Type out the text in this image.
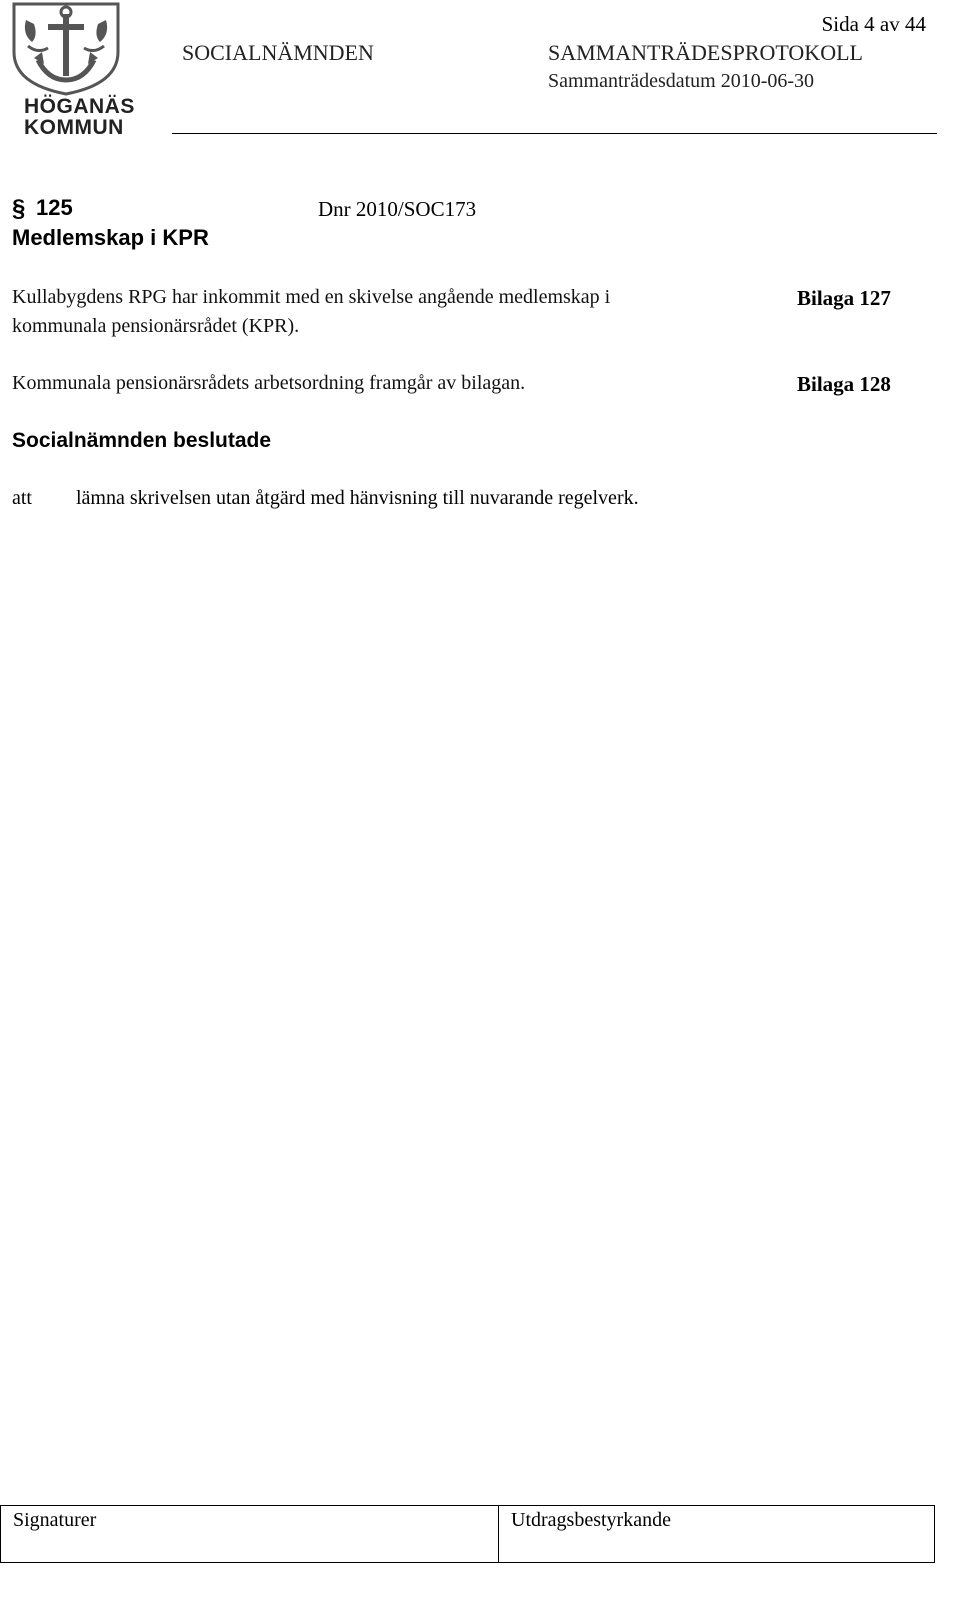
HÖGANÄS
KOMMUN
Sida 4 av 44
SOCIALNÄMNDEN	SAMMANTRÄDESPROTOKOLL
Sammanträdesdatum 2010-06-30
§ 125	Dnr 2010/SOC173
Medlemskap i KPR
Kullabygdens RPG har inkommit med en skivelse angående medlemskap i
kommunala pensionärsrådet (KPR).
Bilaga 127
Kommunala pensionärsrådets arbetsordning framgår av bilagan.	Bilaga 128
Socialnämnden beslutade
att lämna skrivelsen utan åtgärd med hänvisning till nuvarande regelverk.
Signaturer	Utdragsbestyrkande
